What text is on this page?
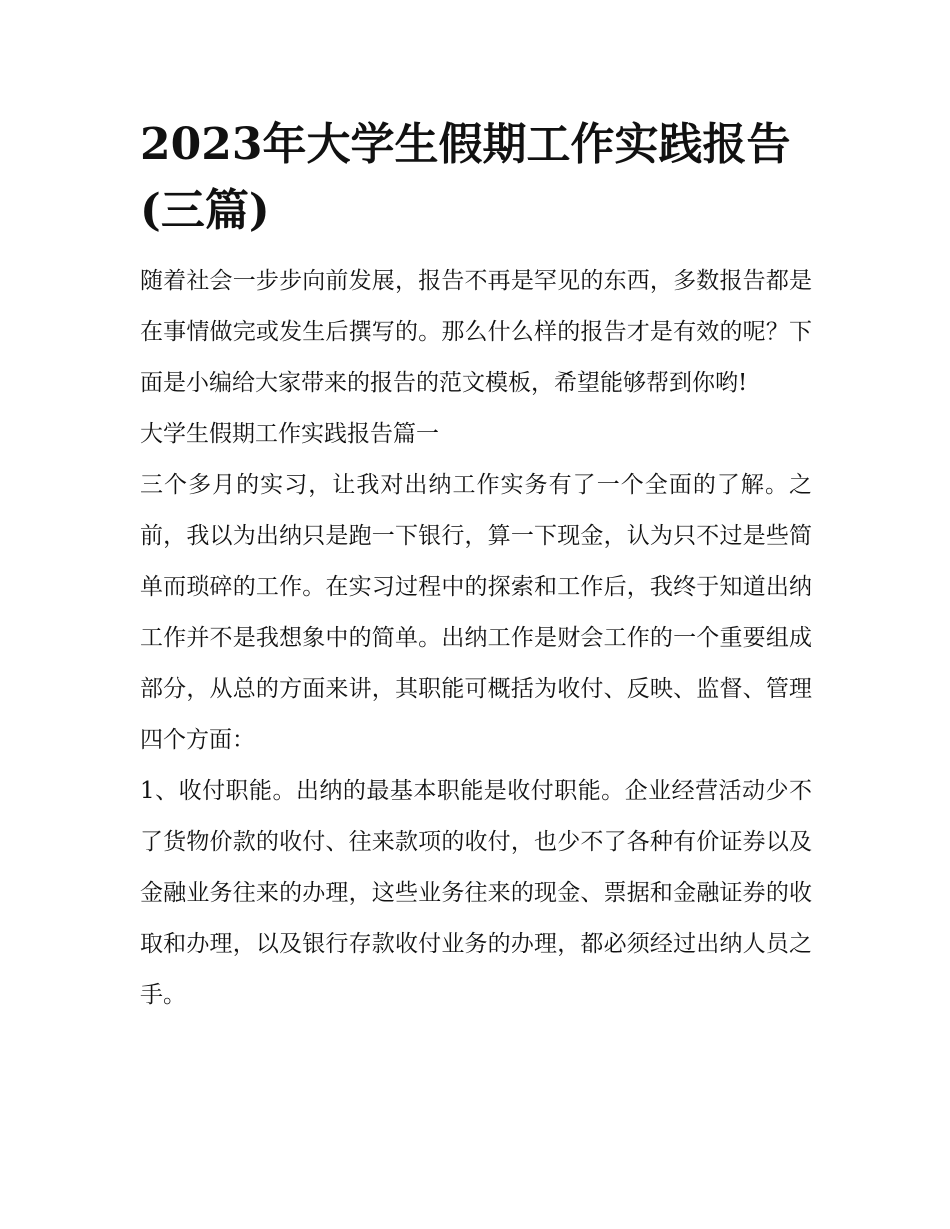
2023年大学生假期工作实践报告(三篇)

随着社会一步步向前发展，报告不再是罕见的东西，多数报告都是在事情做完或发生后撰写的。那么什么样的报告才是有效的呢？下面是小编给大家带来的报告的范文模板，希望能够帮到你哟!

大学生假期工作实践报告篇一

三个多月的实习，让我对出纳工作实务有了一个全面的了解。之前，我以为出纳只是跑一下银行，算一下现金，认为只不过是些简单而琐碎的工作。在实习过程中的探索和工作后，我终于知道出纳工作并不是我想象中的简单。出纳工作是财会工作的一个重要组成部分，从总的方面来讲，其职能可概括为收付、反映、监督、管理四个方面：

1、收付职能。出纳的最基本职能是收付职能。企业经营活动少不了货物价款的收付、往来款项的收付，也少不了各种有价证券以及金融业务往来的办理，这些业务往来的现金、票据和金融证券的收取和办理，以及银行存款收付业务的办理，都必须经过出纳人员之手。
